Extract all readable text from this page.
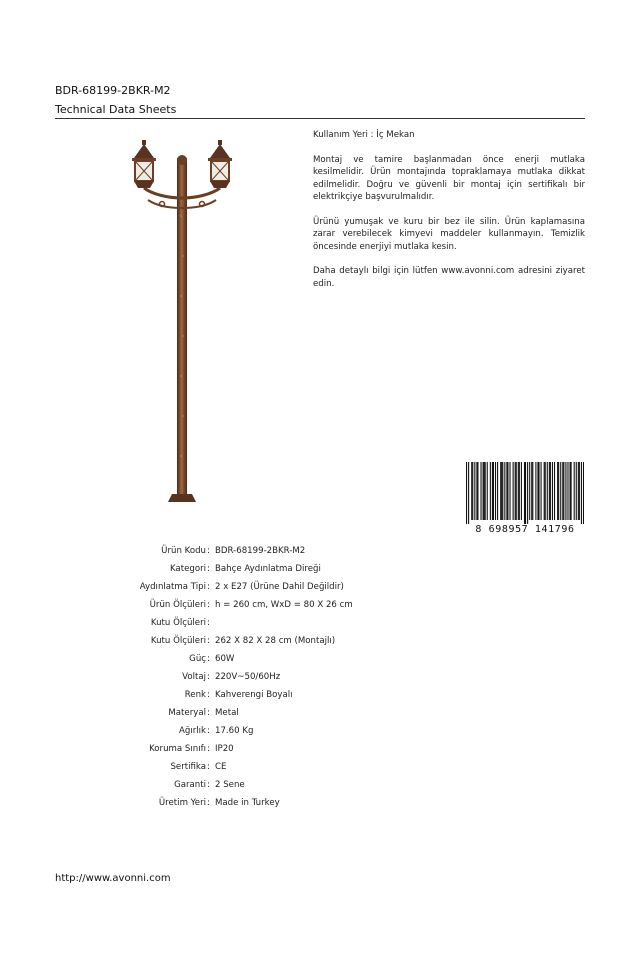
BDR-68199-2BKR-M2
Technical Data Sheets

Kullanım Yeri : İç Mekan

Montaj ve tamire başlanmadan önce enerji mutlaka kesilmelidir. Ürün montajında topraklamaya mutlaka dikkat edilmelidir. Doğru ve güvenli bir montaj için sertifikalı bir elektrikçiye başvurulmalıdır.

Ürünü yumuşak ve kuru bir bez ile silin. Ürün kaplamasına zarar verebilecek kimyevi maddeler kullanmayın. Temizlik öncesinde enerjiyi mutlaka kesin.

Daha detaylı bilgi için lütfen www.avonni.com adresini ziyaret edin.

8 698957 141796
Ürün Kodu : BDR-68199-2BKR-M2
Kategori : Bahçe Aydınlatma Direği
Aydınlatma Tipi : 2 x E27 (Ürüne Dahil Değildir)
Ürün Ölçüleri : h = 260 cm, WxD = 80 X 26 cm
Kutu Ölçüleri :
Kutu Ölçüleri : 262 X 82 X 28 cm (Montajlı)
Güç : 60W
Voltaj : 220V~50/60Hz
Renk : Kahverengi Boyalı
Materyal : Metal
Ağırlık : 17.60 Kg
Koruma Sınıfı : IP20
Sertifika : CE
Garanti : 2 Sene
Üretim Yeri : Made in Turkey
http://www.avonni.com
